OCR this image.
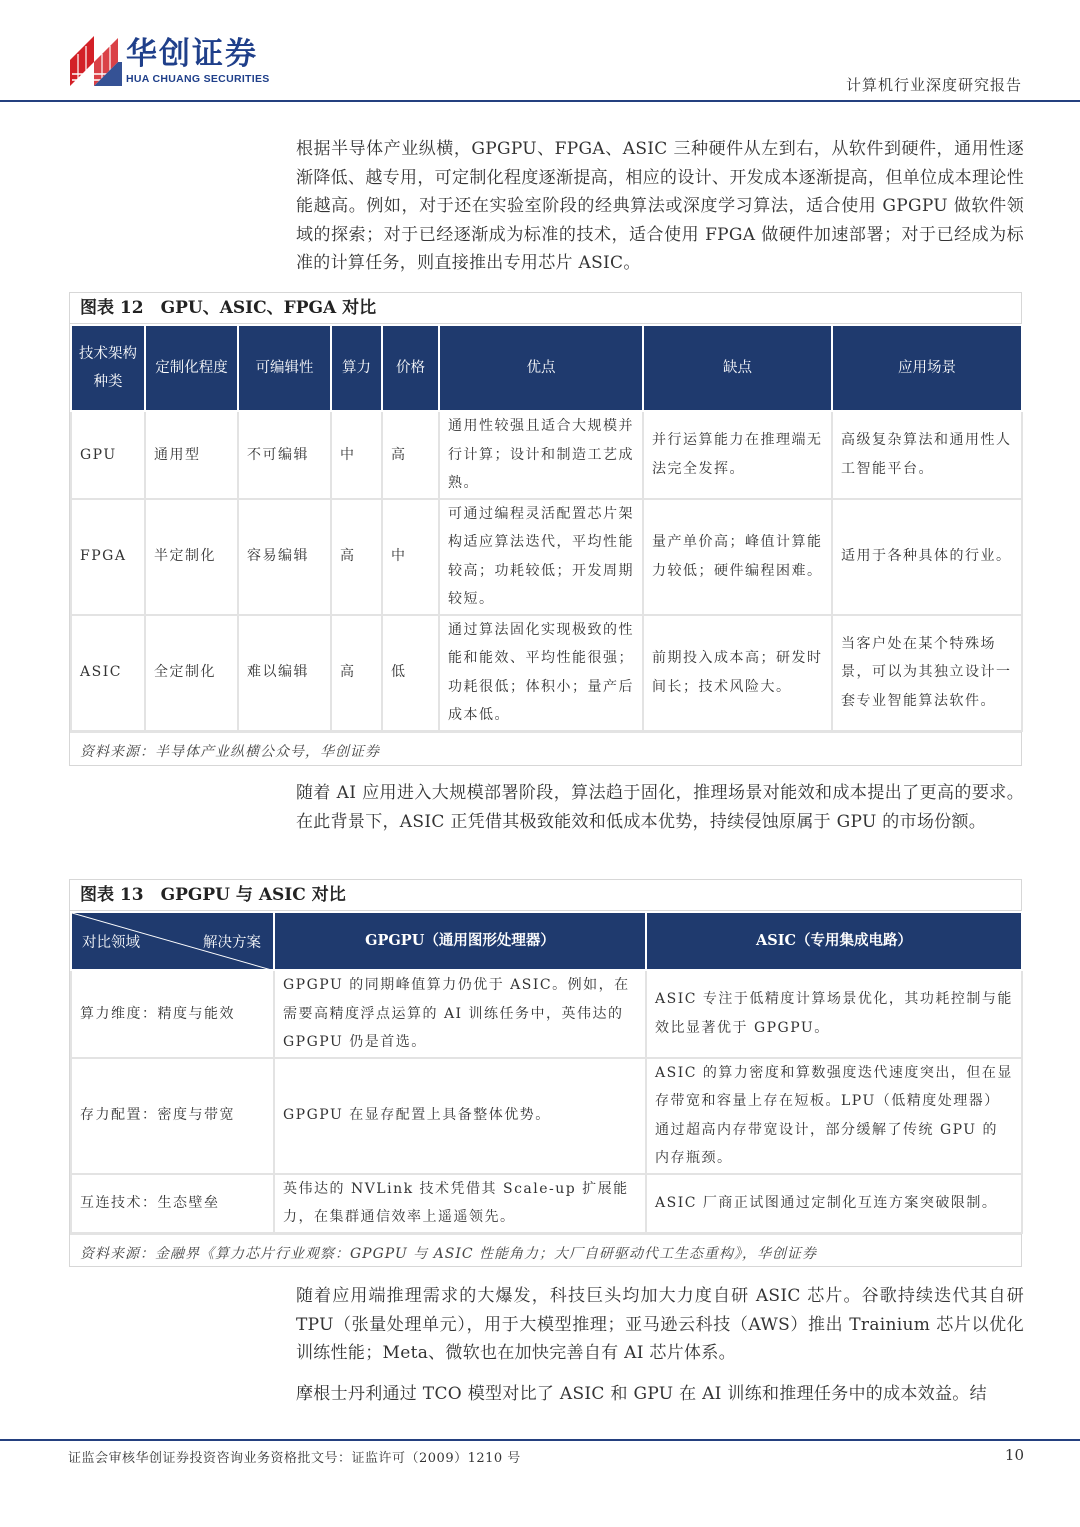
华创证券
HUA CHUANG SECURITIES	计算机行业深度研究报告

根据半导体产业纵横，GPGPU、FPGA、ASIC 三种硬件从左到右，从软件到硬件，通用性逐渐降低、越专用，可定制化程度逐渐提高，相应的设计、开发成本逐渐提高，但单位成本理论性能越高。例如，对于还在实验室阶段的经典算法或深度学习算法，适合使用 GPGPU 做软件领域的探索；对于已经逐渐成为标准的技术，适合使用 FPGA 做硬件加速部署；对于已经成为标准的计算任务，则直接推出专用芯片 ASIC。

图表 12　GPU、ASIC、FPGA 对比
技术架构种类	定制化程度	可编辑性	算力	价格	优点	缺点	应用场景
GPU	通用型	不可编辑	中	高	通用性较强且适合大规模并行计算；设计和制造工艺成熟。	并行运算能力在推理端无法完全发挥。	高级复杂算法和通用性人工智能平台。
FPGA	半定制化	容易编辑	高	中	可通过编程灵活配置芯片架构适应算法迭代，平均性能较高；功耗较低；开发周期较短。	量产单价高；峰值计算能力较低；硬件编程困难。	适用于各种具体的行业。
ASIC	全定制化	难以编辑	高	低	通过算法固化实现极致的性能和能效、平均性能很强；功耗很低；体积小；量产后成本低。	前期投入成本高；研发时间长；技术风险大。	当客户处在某个特殊场景，可以为其独立设计一套专业智能算法软件。
资料来源：半导体产业纵横公众号，华创证券

随着 AI 应用进入大规模部署阶段，算法趋于固化，推理场景对能效和成本提出了更高的要求。在此背景下，ASIC 正凭借其极致能效和低成本优势，持续侵蚀原属于 GPU 的市场份额。

图表 13　GPGPU 与 ASIC 对比
对比领域 解决方案	GPGPU（通用图形处理器）	ASIC（专用集成电路）
算力维度：精度与能效	GPGPU 的同期峰值算力仍优于 ASIC。例如，在需要高精度浮点运算的 AI 训练任务中，英伟达的 GPGPU 仍是首选。	ASIC 专注于低精度计算场景优化，其功耗控制与能效比显著优于 GPGPU。
存力配置：密度与带宽	GPGPU 在显存配置上具备整体优势。	ASIC 的算力密度和算数强度迭代速度突出，但在显存带宽和容量上存在短板。LPU（低精度处理器）通过超高内存带宽设计，部分缓解了传统 GPU 的内存瓶颈。
互连技术：生态壁垒	英伟达的 NVLink 技术凭借其 Scale-up 扩展能力，在集群通信效率上遥遥领先。	ASIC 厂商正试图通过定制化互连方案突破限制。
资料来源：金融界《算力芯片行业观察：GPGPU 与 ASIC 性能角力；大厂自研驱动代工生态重构》，华创证券

随着应用端推理需求的大爆发，科技巨头均加大力度自研 ASIC 芯片。谷歌持续迭代其自研 TPU（张量处理单元），用于大模型推理；亚马逊云科技（AWS）推出 Trainium 芯片以优化训练性能；Meta、微软也在加快完善自有 AI 芯片体系。

摩根士丹利通过 TCO 模型对比了 ASIC 和 GPU 在 AI 训练和推理任务中的成本效益。结

证监会审核华创证券投资咨询业务资格批文号：证监许可（2009）1210 号	10
